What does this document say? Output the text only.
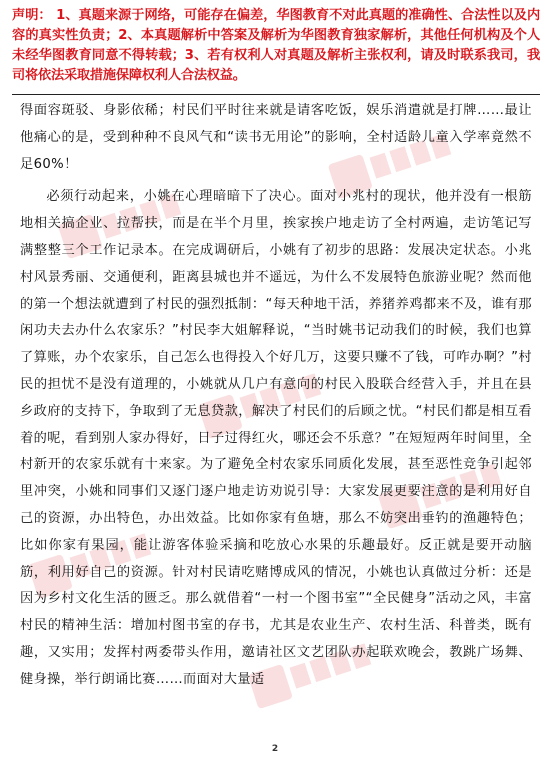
声明： 1、真题来源于网络，可能存在偏差，华图教育不对此真题的准确性、合法性以及内容的真实性负责；2、本真题解析中答案及解析为华图教育独家解析，其他任何机构及个人未经华图教育同意不得转载；3、若有权利人对真题及解析主张权利，请及时联系我司，我司将依法采取措施保障权利人合法权益。

得面容斑驳、身影依稀；村民们平时往来就是请客吃饭，娱乐消遣就是打牌……最让他痛心的是，受到种种不良风气和“读书无用论”的影响，全村适龄儿童入学率竟然不足60%！

必须行动起来，小姚在心理暗暗下了决心。面对小兆村的现状，他并没有一根筋地相关搞企业、拉帮扶，而是在半个月里，挨家挨户地走访了全村两遍，走访笔记写满整整三个工作记录本。在完成调研后，小姚有了初步的思路：发展决定状态。小兆村风景秀丽、交通便利，距离县城也并不遥远，为什么不发展特色旅游业呢？然而他的第一个想法就遭到了村民的强烈抵制：“每天种地干活，养猪养鸡都来不及，谁有那闲功夫去办什么农家乐？”村民李大姐解释说，“当时姚书记动我们的时候，我们也算了算账，办个农家乐，自己怎么也得投入个好几万，这要只赚不了钱，可咋办啊？”村民的担忧不是没有道理的，小姚就从几户有意向的村民入股联合经营入手，并且在县乡政府的支持下，争取到了无息贷款，解决了村民们的后顾之忧。“村民们都是相互看着的呢，看到别人家办得好，日子过得红火，哪还会不乐意？”在短短两年时间里，全村新开的农家乐就有十来家。为了避免全村农家乐同质化发展，甚至恶性竞争引起邻里冲突，小姚和同事们又逐门逐户地走访劝说引导：大家发展更要注意的是利用好自己的资源，办出特色，办出效益。比如你家有鱼塘，那么不妨突出垂钓的渔趣特色；比如你家有果园，能让游客体验采摘和吃放心水果的乐趣最好。反正就是要开动脑筋，利用好自己的资源。针对村民请吃赌博成风的情况，小姚也认真做过分析：还是因为乡村文化生活的匮乏。那么就借着“一村一个图书室”“全民健身”活动之风，丰富村民的精神生活：增加村图书室的存书，尤其是农业生产、农村生活、科普类，既有趣，又实用；发挥村两委带头作用，邀请社区文艺团队办起联欢晚会，教跳广场舞、健身操，举行朗诵比赛……而面对大量适

2
